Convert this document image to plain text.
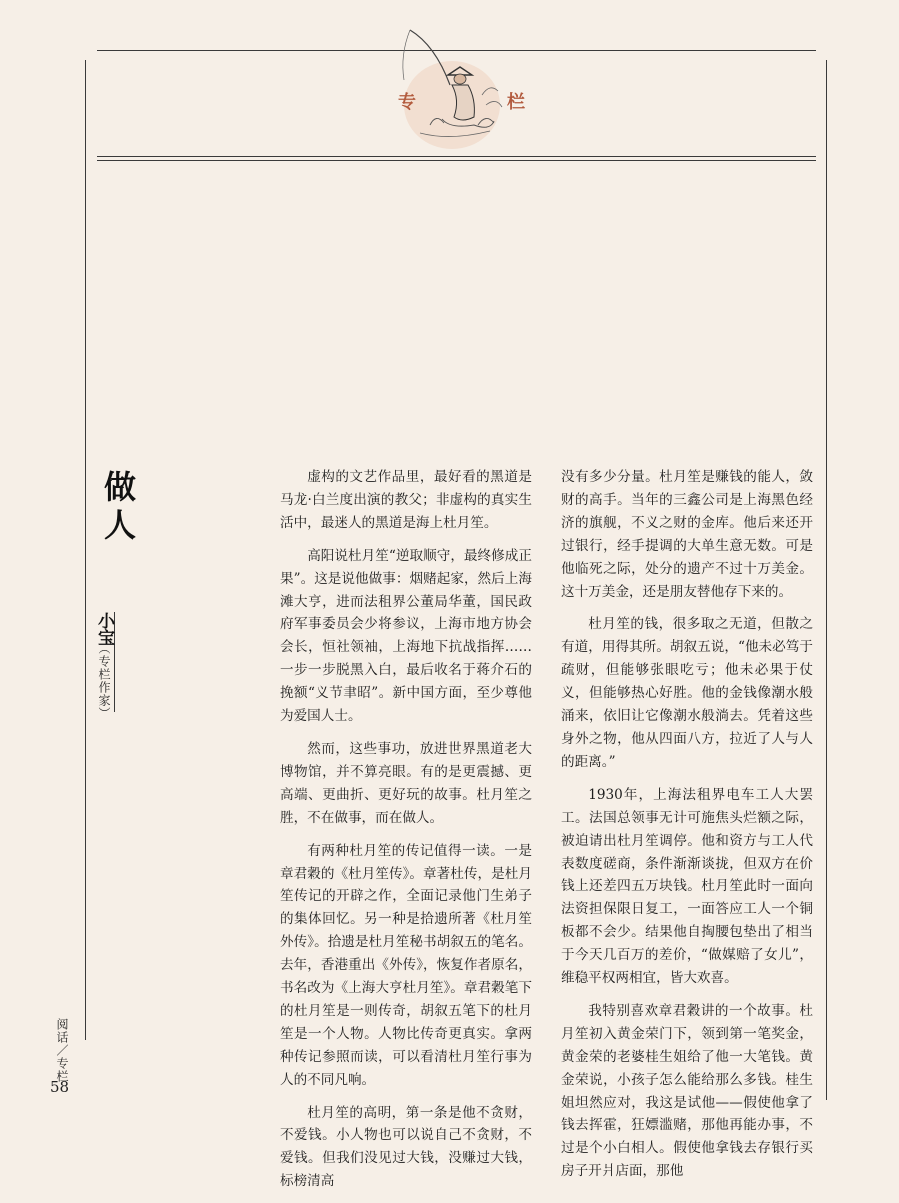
专	栏
做人
小宝
（专栏作家）

虚构的文艺作品里，最好看的黑道是马龙·白兰度出演的教父；非虚构的真实生活中，最迷人的黑道是海上杜月笙。

高阳说杜月笙“逆取顺守，最终修成正果”。这是说他做事：烟赌起家，然后上海滩大亨，进而法租界公董局华董，国民政府军事委员会少将参议，上海市地方协会会长，恒社领袖，上海地下抗战指挥……一步一步脱黑入白，最后收名于蒋介石的挽额“义节聿昭”。新中国方面，至少尊他为爱国人士。

然而，这些事功，放进世界黑道老大博物馆，并不算亮眼。有的是更震撼、更高端、更曲折、更好玩的故事。杜月笙之胜，不在做事，而在做人。

有两种杜月笙的传记值得一读。一是章君穀的《杜月笙传》。章著杜传，是杜月笙传记的开辟之作，全面记录他门生弟子的集体回忆。另一种是拾遗所著《杜月笙外传》。拾遗是杜月笙秘书胡叙五的笔名。去年，香港重出《外传》，恢复作者原名，书名改为《上海大亨杜月笙》。章君穀笔下的杜月笙是一则传奇，胡叙五笔下的杜月笙是一个人物。人物比传奇更真实。拿两种传记参照而读，可以看清杜月笙行事为人的不同凡响。

杜月笙的高明，第一条是他不贪财，不爱钱。小人物也可以说自己不贪财，不爱钱。但我们没见过大钱，没赚过大钱，标榜清高

没有多少分量。杜月笙是赚钱的能人，敛财的高手。当年的三鑫公司是上海黑色经济的旗舰，不义之财的金库。他后来还开过银行，经手提调的大单生意无数。可是他临死之际，处分的遗产不过十万美金。这十万美金，还是朋友替他存下来的。

杜月笙的钱，很多取之无道，但散之有道，用得其所。胡叙五说，“他未必笃于疏财，但能够张眼吃亏；他未必果于仗义，但能够热心好胜。他的金钱像潮水般涌来，依旧让它像潮水般淌去。凭着这些身外之物，他从四面八方，拉近了人与人的距离。”

1930年，上海法租界电车工人大罢工。法国总领事无计可施焦头烂额之际，被迫请出杜月笙调停。他和资方与工人代表数度磋商，条件渐渐谈拢，但双方在价钱上还差四五万块钱。杜月笙此时一面向法资担保限日复工，一面答应工人一个铜板都不会少。结果他自掏腰包垫出了相当于今天几百万的差价，“做媒赔了女儿”，维稳平权两相宜，皆大欢喜。

我特别喜欢章君穀讲的一个故事。杜月笙初入黄金荣门下，领到第一笔奖金，黄金荣的老婆桂生姐给了他一大笔钱。黄金荣说，小孩子怎么能给那么多钱。桂生姐坦然应对，我这是试他——假使他拿了钱去挥霍，狂嫖滥赌，那他再能办事，不过是个小白相人。假使他拿钱去存银行买房子开爿店面，那他

阅话／专栏
58
